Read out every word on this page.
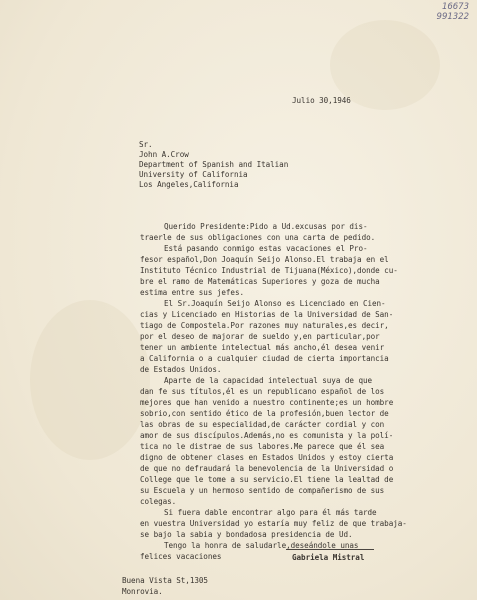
16673
991322
Julio 30,1946
Sr.
John A.Crow
Department of Spanish and Italian
University of California
Los Angeles,California
Querido Presidente:Pido a Ud.excusas por dis-
traerle de sus obligaciones con una carta de pedido.
Está pasando conmigo estas vacaciones el Pro-
fesor español,Don Joaquín Seijo Alonso.El trabaja en el
Instituto Técnico Industrial de Tijuana(México),donde cu-
bre el ramo de Matemáticas Superiores y goza de mucha
estima entre sus jefes.
El Sr.Joaquín Seijo Alonso es Licenciado en Cien-
cias y Licenciado en Historias de la Universidad de San-
tiago de Compostela.Por razones muy naturales,es decir,
por el deseo de majorar de sueldo y,en particular,por
tener un ambiente intelectual más ancho,él desea venir
a California o a cualquier ciudad de cierta importancia
de Estados Unidos.
Aparte de la capacidad intelectual suya de que
dan fe sus títulos,él es un republicano español de los
mejores que han venido a nuestro continente;es un hombre
sobrio,con sentido ético de la profesión,buen lector de
las obras de su especialidad,de carácter cordial y con
amor de sus discípulos.Además,no es comunista y la polí-
tica no le distrae de sus labores.Me parece que él sea
digno de obtener clases en Estados Unidos y estoy cierta
de que no defraudará la benevolencia de la Universidad o
College que le tome a su servicio.El tiene la lealtad de
su Escuela y un hermoso sentido de compañerismo de sus
colegas.
Si fuera dable encontrar algo para él más tarde
en vuestra Universidad yo estaría muy feliz de que trabaja-
se bajo la sabia y bondadosa presidencia de Ud.
Tengo la honra de saludarle,deseándole unas
felices vacaciones	Gabriela Mistral
Buena Vista St,1305
Monrovia.
